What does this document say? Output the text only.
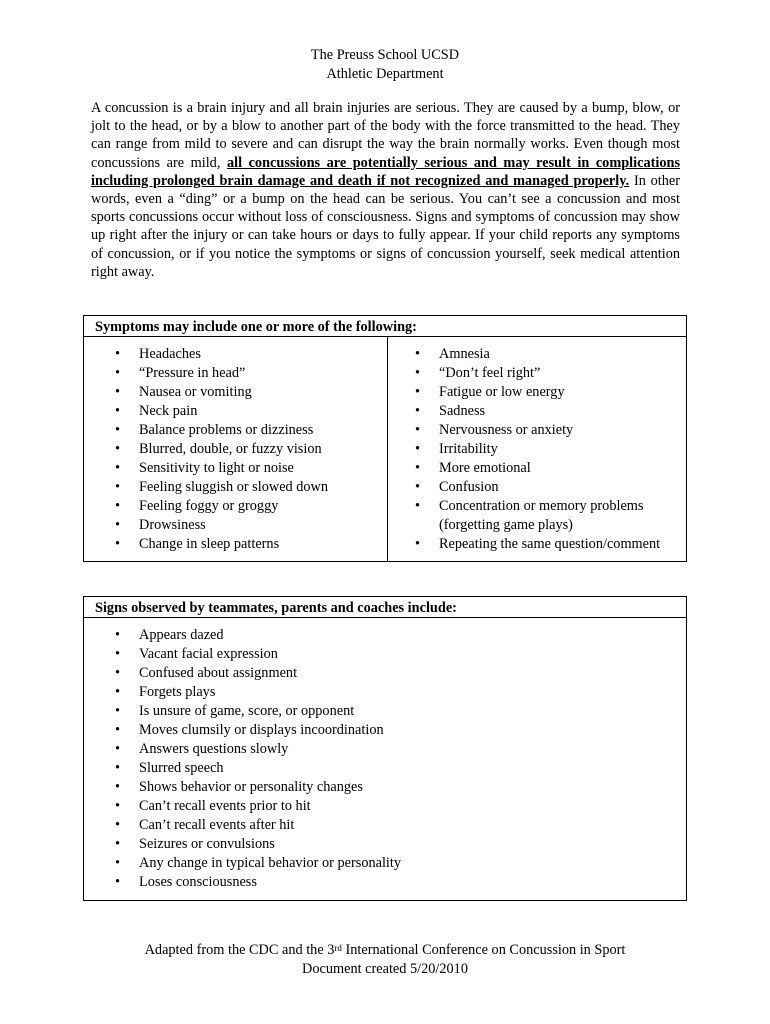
The Preuss School UCSD
Athletic Department

A concussion is a brain injury and all brain injuries are serious. They are caused by a bump, blow, or jolt to the head, or by a blow to another part of the body with the force transmitted to the head. They can range from mild to severe and can disrupt the way the brain normally works. Even though most concussions are mild, all concussions are potentially serious and may result in complications including prolonged brain damage and death if not recognized and managed properly. In other words, even a “ding” or a bump on the head can be serious. You can’t see a concussion and most sports concussions occur without loss of consciousness. Signs and symptoms of concussion may show up right after the injury or can take hours or days to fully appear. If your child reports any symptoms of concussion, or if you notice the symptoms or signs of concussion yourself, seek medical attention right away.

Symptoms may include one or more of the following:
• Headaches
• “Pressure in head”
• Nausea or vomiting
• Neck pain
• Balance problems or dizziness
• Blurred, double, or fuzzy vision
• Sensitivity to light or noise
• Feeling sluggish or slowed down
• Feeling foggy or groggy
• Drowsiness
• Change in sleep patterns
• Amnesia
• “Don’t feel right”
• Fatigue or low energy
• Sadness
• Nervousness or anxiety
• Irritability
• More emotional
• Confusion
• Concentration or memory problems (forgetting game plays)
• Repeating the same question/comment
Signs observed by teammates, parents and coaches include:
• Appears dazed
• Vacant facial expression
• Confused about assignment
• Forgets plays
• Is unsure of game, score, or opponent
• Moves clumsily or displays incoordination
• Answers questions slowly
• Slurred speech
• Shows behavior or personality changes
• Can’t recall events prior to hit
• Can’t recall events after hit
• Seizures or convulsions
• Any change in typical behavior or personality
• Loses consciousness
Adapted from the CDC and the 3rd International Conference on Concussion in Sport
Document created 5/20/2010
